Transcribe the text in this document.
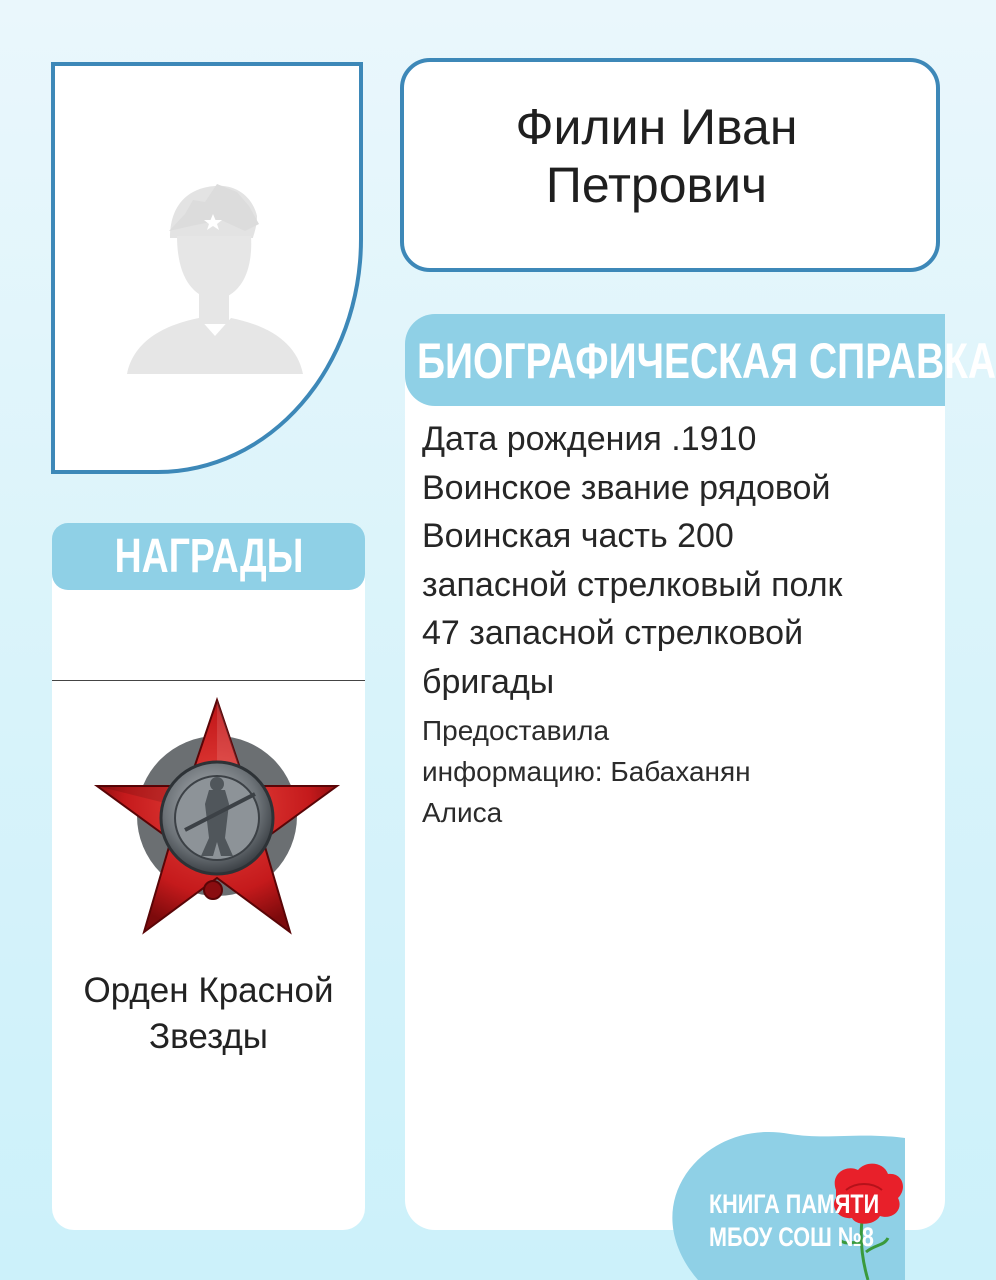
Филин Иван
Петрович
НАГРАДЫ
Орден Красной
Звезды
БИОГРАФИЧЕСКАЯ СПРАВКА
Дата рождения .1910
Воинское звание рядовой
Воинская часть 200
запасной стрелковый полк
47 запасной стрелковой
бригады
Предоставила
информацию: Бабаханян
Алиса
КНИГА ПАМЯТИ
МБОУ СОШ №8
